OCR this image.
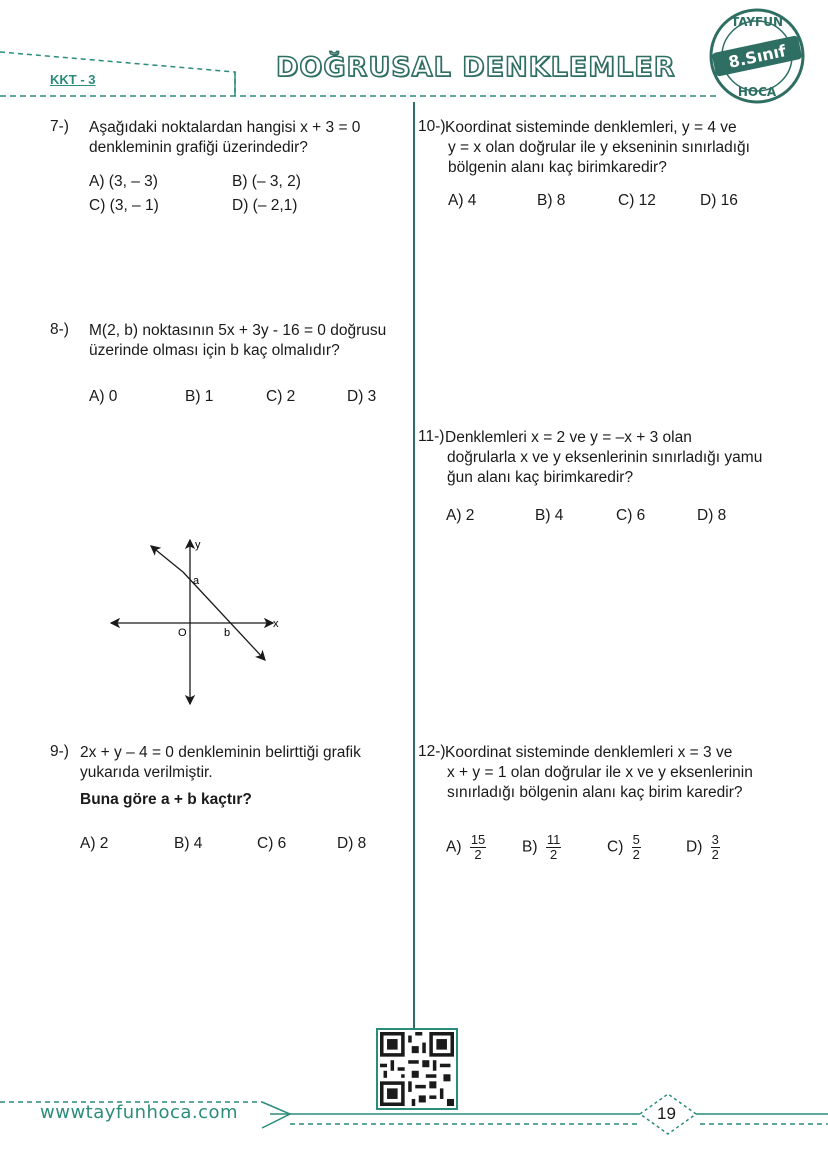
KKT - 3	DOĞRUSAL DENKLEMLER
TAYFUN
8.Sınıf
HOCA
7-) Aşağıdaki noktalardan hangisi x + 3 = 0
denkleminin grafiği üzerindedir?
A) (3, – 3)	B) (– 3, 2)
C) (3, – 1)	D) (– 2,1)
8-) M(2, b) noktasının 5x + 3y - 16 = 0 doğrusu
üzerinde olması için b kaç olmalıdır?
A) 0	B) 1	C) 2	D) 3
y
x
O
a
b
9-) 2x + y – 4 = 0 denkleminin belirttiği grafik
yukarıda verilmiştir.
Buna göre a + b kaçtır?
A) 2	B) 4	C) 6	D) 8
10-) Koordinat sisteminde denklemleri, y = 4 ve
y = x olan doğrular ile y ekseninin sınırladığı
bölgenin alanı kaç birimkaredir?
A) 4	B) 8	C) 12	D) 16
11-) Denklemleri x = 2 ve y = –x + 3 olan
doğrularla x ve y eksenlerinin sınırladığı yamu
ğun alanı kaç birimkaredir?
A) 2	B) 4	C) 6	D) 8
12-) Koordinat sisteminde denklemleri x = 3 ve
x + y = 1 olan doğrular ile x ve y eksenlerinin
sınırladığı bölgenin alanı kaç birim karedir?
$A) \frac{15}{2} B) \frac{11}{2}$	$C) \frac{5}{2}$	$D) \frac{3}{2}$
wwwtayfunhoca.com	19
